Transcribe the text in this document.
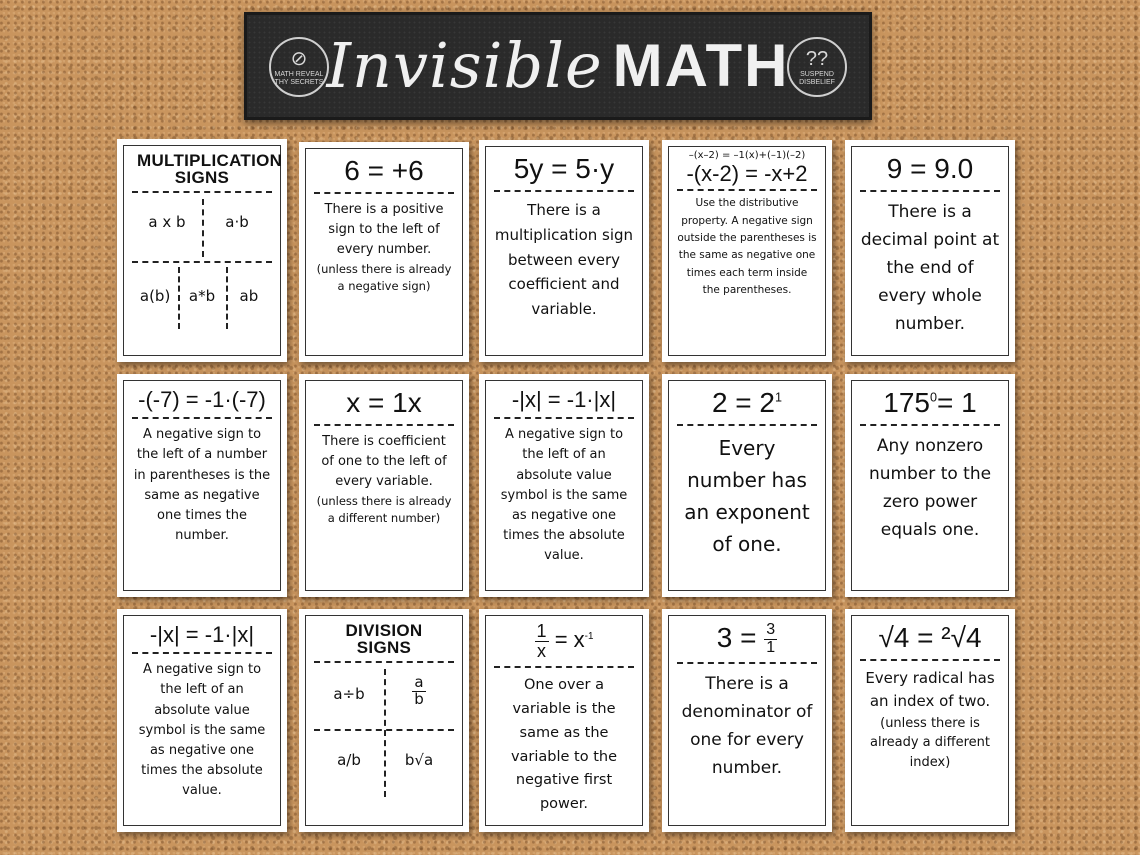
⊘
MATH REVEAL THY SECRETS Invisible MATH ??
SUSPEND DISBELIEF
MULTIPLICATION SIGNS
a x b	a·b
a(b)	a*b	ab
6 = +6
There is a positive sign to the left of every number.
(unless there is already a negative sign)
5y = 5·y
There is a multiplication sign between every coefficient and variable.
–(x–2) = –1(x)+(–1)(–2)
-(x-2) = -x+2
Use the distributive property. A negative sign outside the parentheses is the same as negative one times each term inside the parentheses.
9 = 9.0
There is a decimal point at the end of every whole number.
-(-7) = -1·(-7)
A negative sign to the left of a number in parentheses is the same as negative one times the number.
x = 1x
There is coefficient of one to the left of every variable.
(unless there is already a different number)
-|x| = -1·|x|
A negative sign to the left of an absolute value symbol is the same as negative one times the absolute value.
$2 = 2^1$
Every number has an exponent of one.
$175^0= 1$
Any nonzero number to the zero power equals one.
-|x| = -1·|x|
A negative sign to the left of an absolute value symbol is the same as negative one times the absolute value.
DIVISION SIGNS
a÷b	$\frac{a}{b}$
a/b	b√a
$\frac{1}{x} = x^{-1}$
One over a variable is the same as the variable to the negative first power.
$3 = \frac{3}{1}$
There is a denominator of one for every number.
√4 = ²√4
Every radical has an index of two.
(unless there is already a different index)
